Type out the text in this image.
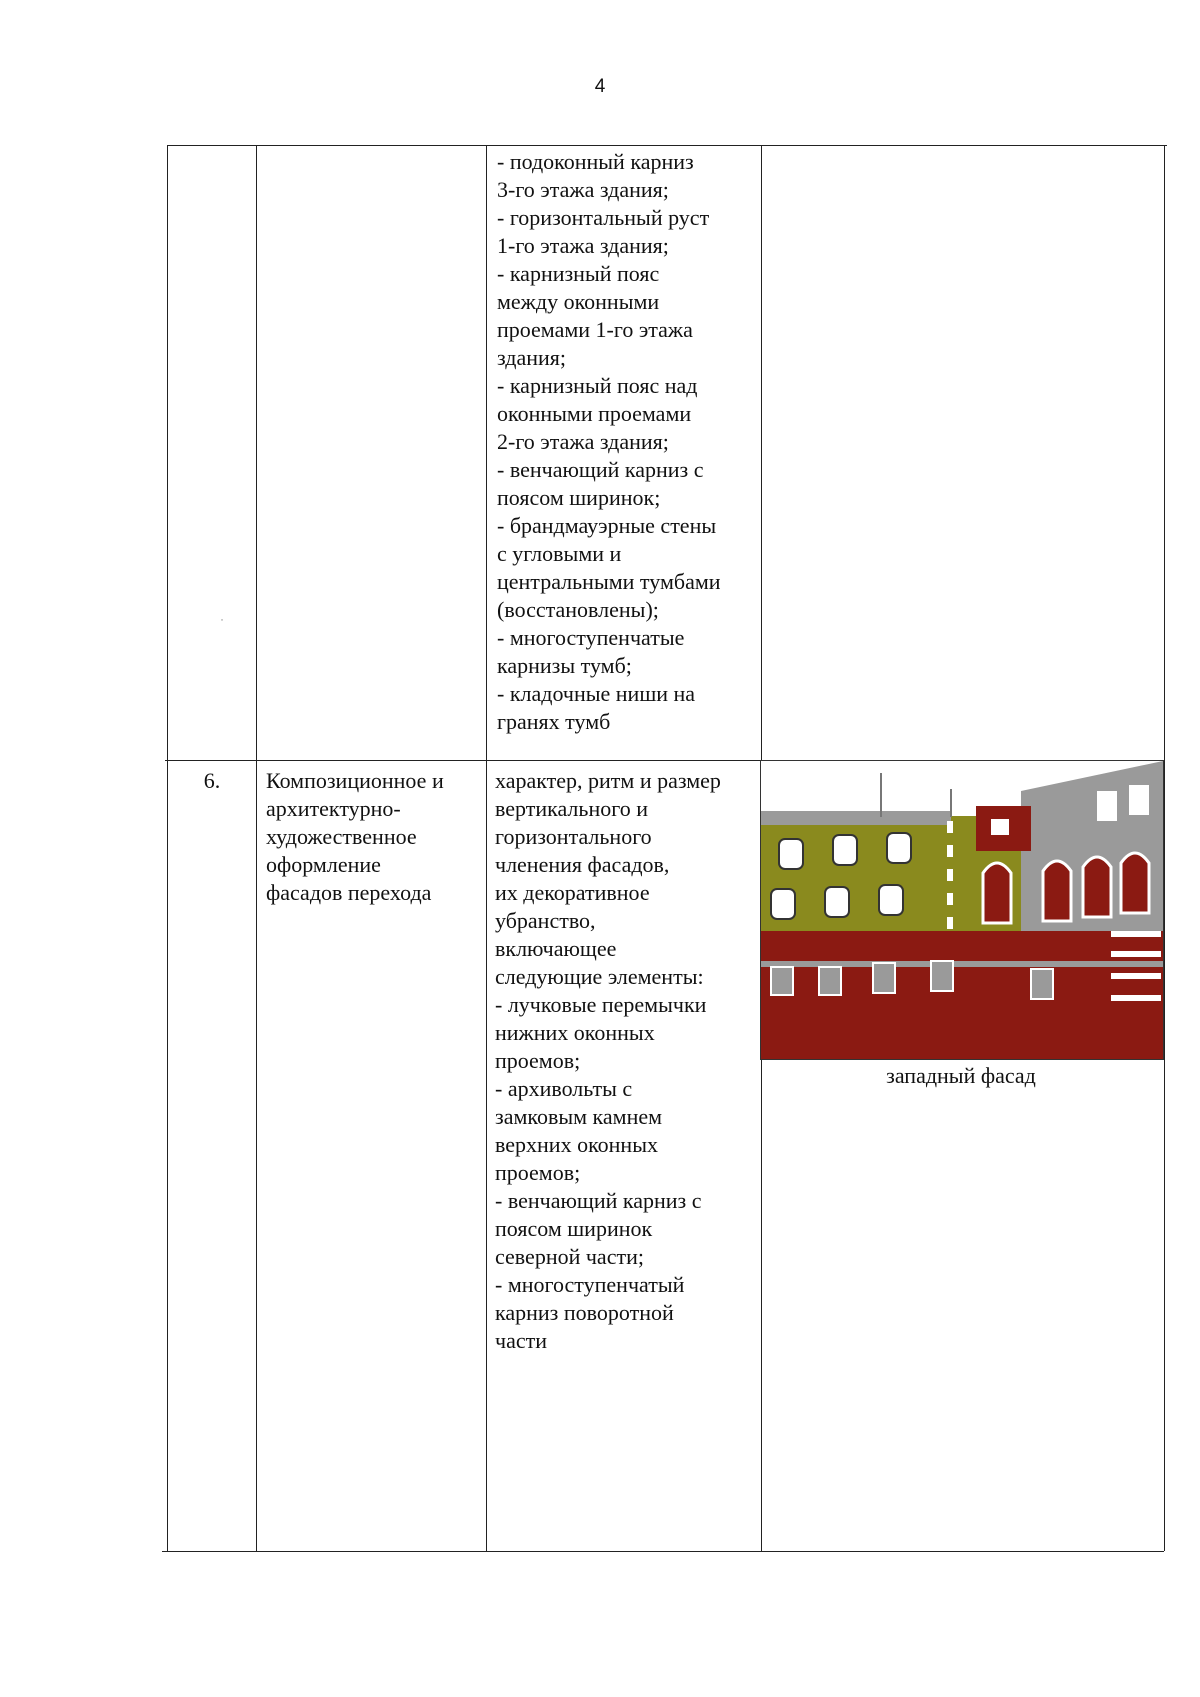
4
- подоконный карниз
3-го этажа здания;
- горизонтальный руст
1-го этажа здания;
- карнизный пояс
между оконными
проемами 1-го этажа
здания;
- карнизный пояс над
оконными проемами
2-го этажа здания;
- венчающий карниз с
поясом ширинок;
- брандмауэрные стены
с угловыми и
центральными тумбами
(восстановлены);
- многоступенчатые
карнизы тумб;
- кладочные ниши на
гранях тумб
˙
6.	Композиционное и
архитектурно-
художественное
оформление
фасадов перехода
характер, ритм и размер
вертикального и
горизонтального
членения фасадов,
их декоративное
убранство,
включающее
следующие элементы:
- лучковые перемычки
нижних оконных
проемов;
- архивольты с
замковым камнем
верхних оконных
проемов;
- венчающий карниз с
поясом ширинок
северной части;
- многоступенчатый
карниз поворотной
части
западный фасад
